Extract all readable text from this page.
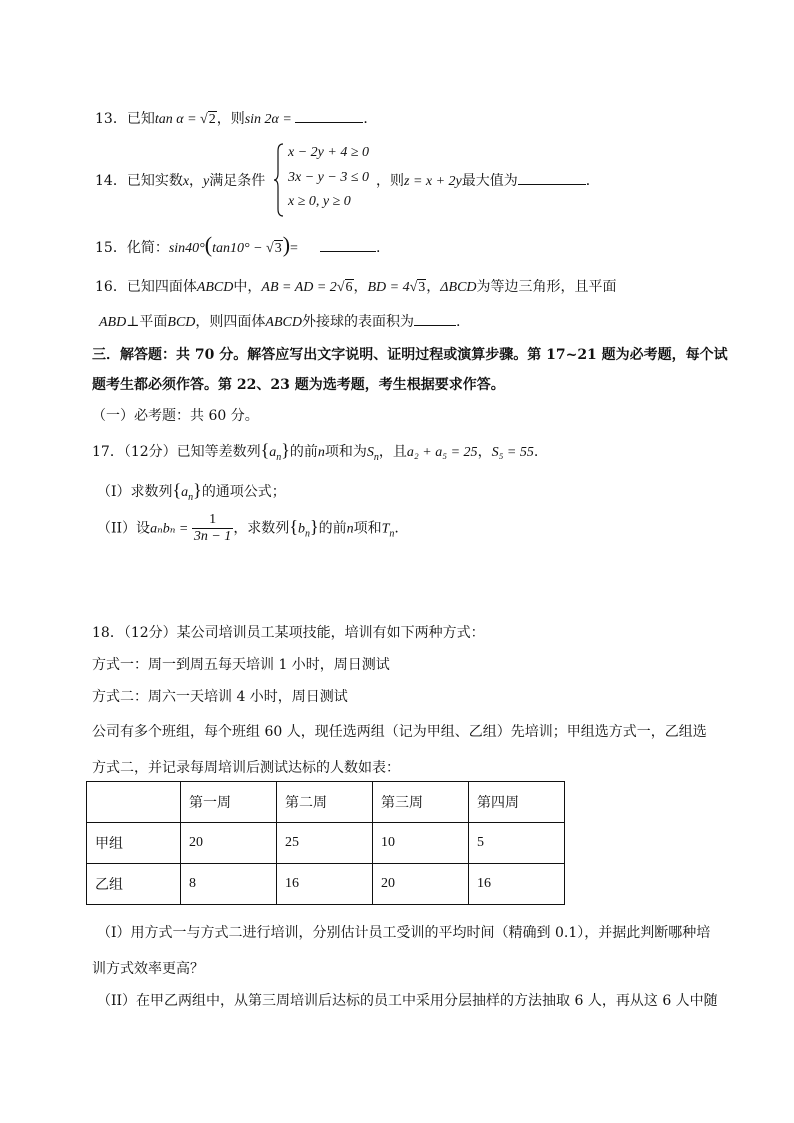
13．已知tan α = √2，则sin 2α =	．
14．已知实数x，y满足条件
x − 2y + 4 ≥ 0
3x − y − 3 ≤ 0
x ≥ 0, y ≥ 0
，则z = x + 2y最大值为	．
15．化简：sin40°(tan10° − √3)=	.
16．已知四面体ABCD中，AB = AD = 2√6，BD = 4√3，ΔBCD为等边三角形，且平面
ABD⊥平面BCD，则四面体ABCD外接球的表面积为	.
三．解答题：共 70 分。解答应写出文字说明、证明过程或演算步骤。第 17~21 题为必考题，每个试
题考生都必须作答。第 22、23 题为选考题，考生根据要求作答。
（一）必考题：共 60 分。
17．（12分）已知等差数列$\{a_n\}$的前n项和为$S_n$，且a₂ + a₅ = 25，S₅ = 55.
（I）求数列$\{a_n\}$的通项公式；
（II）设$a_nb_n = \frac{1}{3n - 1}$ ，求数列$\{b_n\}$的前n项和$T_n$.
18．（12分）某公司培训员工某项技能，培训有如下两种方式：
方式一：周一到周五每天培训 1 小时，周日测试
方式二：周六一天培训 4 小时，周日测试
公司有多个班组，每个班组 60 人，现任选两组（记为甲组、乙组）先培训；甲组选方式一，乙组选
方式二，并记录每周培训后测试达标的人数如表：
	第一周	第二周	第三周	第四周
甲组	20	25	10	5
乙组	8	16	20	16
（I）用方式一与方式二进行培训，分别估计员工受训的平均时间（精确到 0.1），并据此判断哪种培
训方式效率更高？
（II）在甲乙两组中，从第三周培训后达标的员工中采用分层抽样的方法抽取 6 人，再从这 6 人中随
